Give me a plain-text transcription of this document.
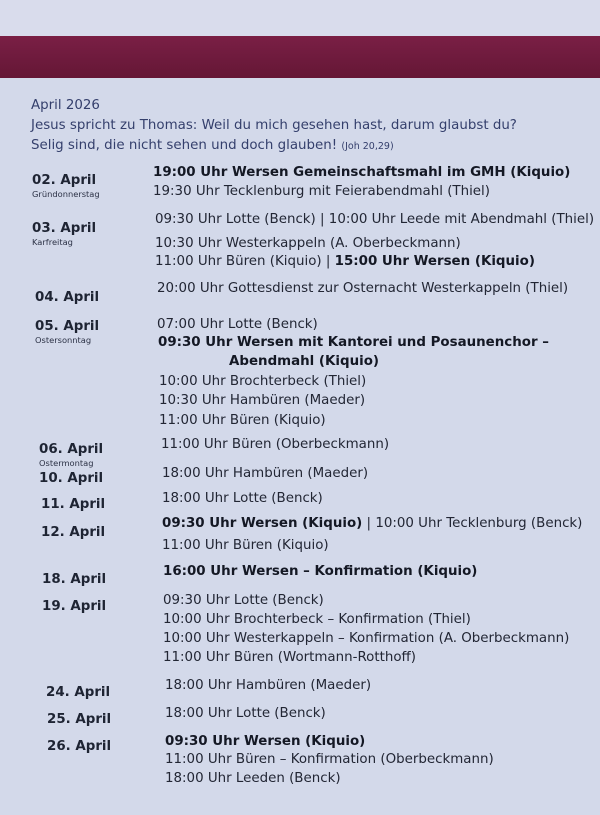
April 2026
Jesus spricht zu Thomas: Weil du mich gesehen hast, darum glaubst du?
Selig sind, die nicht sehen und doch glauben! (Joh 20,29)
02. April
Gründonnerstag
03. April
Karfreitag
04. April
05. April
Ostersonntag
06. April
Ostermontag
10. April
11. April
12. April
18. April
19. April
24. April
25. April
26. April
19:00 Uhr Wersen Gemeinschaftsmahl im GMH (Kiquio)
19:30 Uhr Tecklenburg mit Feierabendmahl (Thiel)
09:30 Uhr Lotte (Benck) | 10:00 Uhr Leede mit Abendmahl (Thiel)
10:30 Uhr Westerkappeln (A. Oberbeckmann)
11:00 Uhr Büren (Kiquio) | 15:00 Uhr Wersen (Kiquio)
20:00 Uhr Gottesdienst zur Osternacht Westerkappeln (Thiel)
07:00 Uhr Lotte (Benck)
09:30 Uhr Wersen mit Kantorei und Posaunenchor –
Abendmahl (Kiquio)
10:00 Uhr Brochterbeck (Thiel)
10:30 Uhr Hambüren (Maeder)
11:00 Uhr Büren (Kiquio)
11:00 Uhr Büren (Oberbeckmann)
18:00 Uhr Hambüren (Maeder)
18:00 Uhr Lotte (Benck)
09:30 Uhr Wersen (Kiquio) | 10:00 Uhr Tecklenburg (Benck)
11:00 Uhr Büren (Kiquio)
16:00 Uhr Wersen – Konfirmation (Kiquio)
09:30 Uhr Lotte (Benck)
10:00 Uhr Brochterbeck – Konfirmation (Thiel)
10:00 Uhr Westerkappeln – Konfirmation (A. Oberbeckmann)
11:00 Uhr Büren (Wortmann-Rotthoff)
18:00 Uhr Hambüren (Maeder)
18:00 Uhr Lotte (Benck)
09:30 Uhr Wersen (Kiquio)
11:00 Uhr Büren – Konfirmation (Oberbeckmann)
18:00 Uhr Leeden (Benck)
